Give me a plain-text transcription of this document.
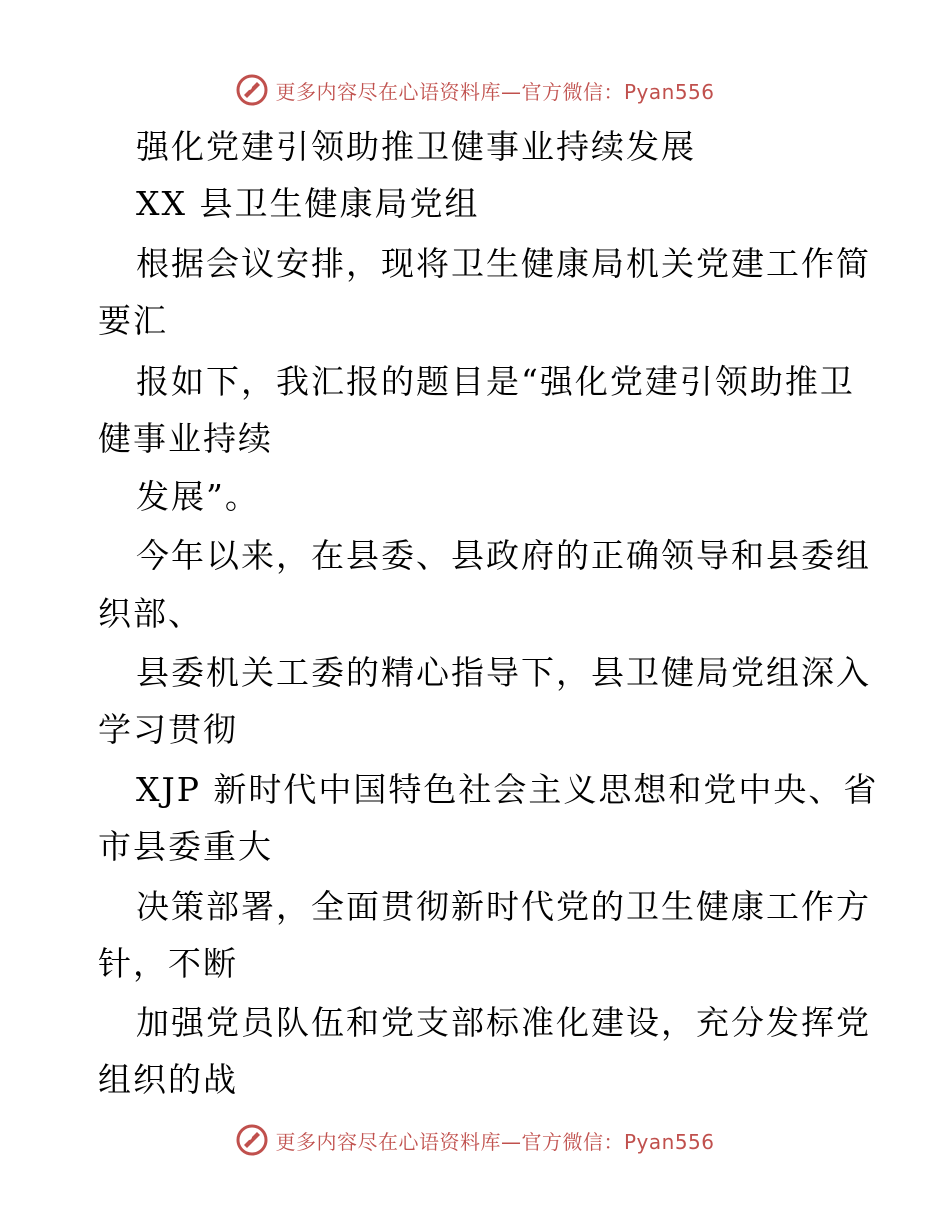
更多内容尽在心语资料库—官方微信：Pyan556
强化党建引领助推卫健事业持续发展
XX 县卫生健康局党组
根据会议安排，现将卫生健康局机关党建工作简
要汇
报如下，我汇报的题目是“强化党建引领助推卫
健事业持续
发展”。
今年以来，在县委、县政府的正确领导和县委组
织部、
县委机关工委的精心指导下，县卫健局党组深入
学习贯彻
XJP 新时代中国特色社会主义思想和党中央、省
市县委重大
决策部署，全面贯彻新时代党的卫生健康工作方
针，不断
加强党员队伍和党支部标准化建设，充分发挥党
组织的战
更多内容尽在心语资料库—官方微信：Pyan556
